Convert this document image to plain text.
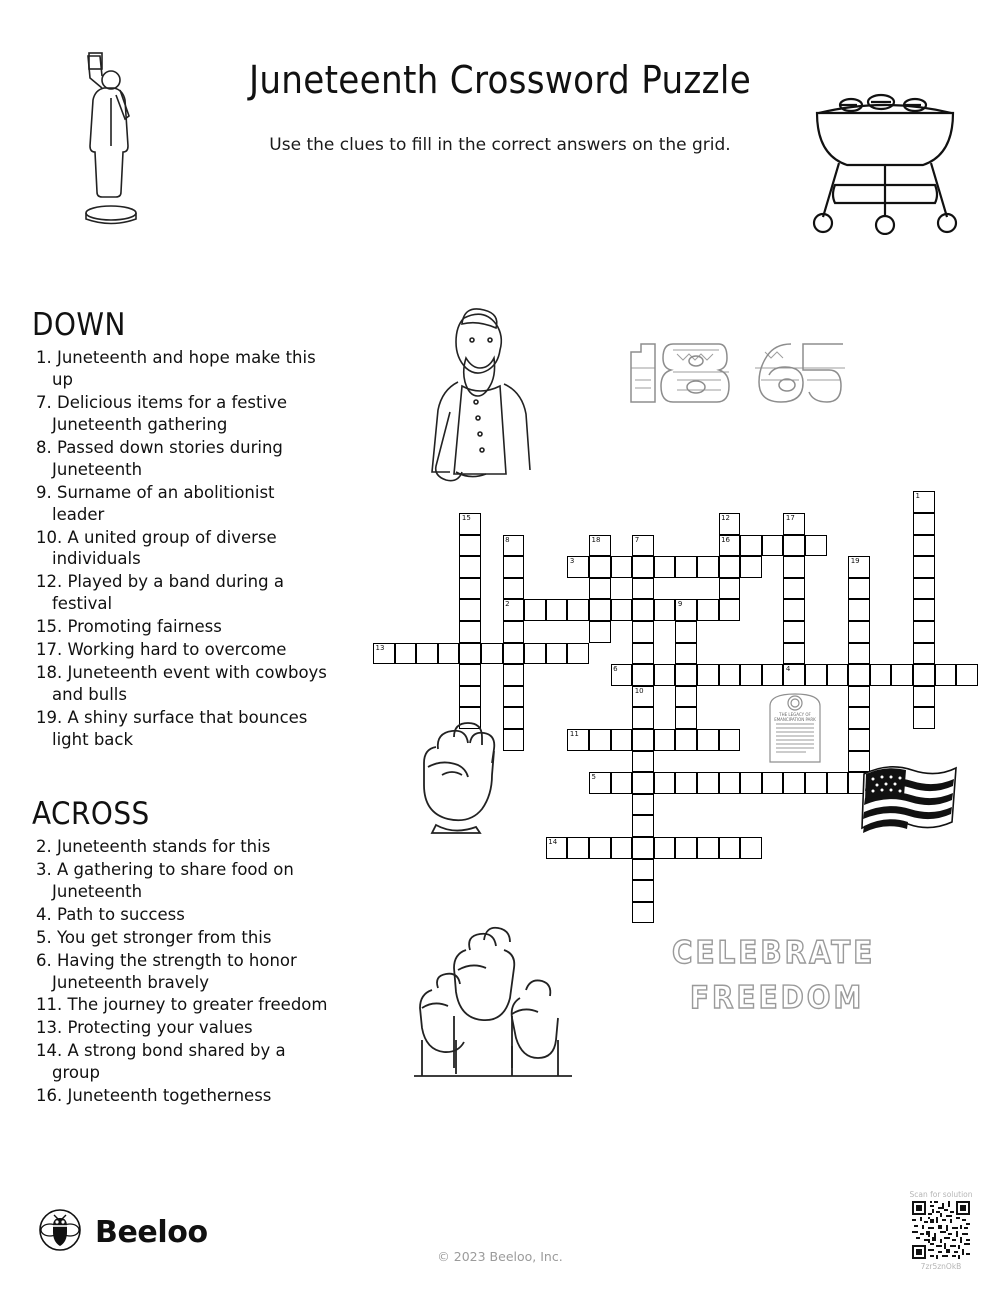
Juneteenth Crossword Puzzle
Use the clues to fill in the correct answers on the grid.
DOWN
1. Juneteenth and hope make this up
7. Delicious items for a festive Juneteenth gathering
8. Passed down stories during Juneteenth
9. Surname of an abolitionist leader
10. A united group of diverse individuals
12. Played by a band during a festival
15. Promoting fairness
17. Working hard to overcome
18. Juneteenth event with cowboys and bulls
19. A shiny surface that bounces light back
ACROSS
2. Juneteenth stands for this
3. A gathering to share food on Juneteenth
4. Path to success
5. You get stronger from this
6. Having the strength to honor Juneteenth bravely
11. The journey to greater freedom
13. Protecting your values
14. A strong bond shared by a group
16. Juneteenth togetherness
15
8
2
18	7
10
12
16
17
4
1
19
9
3
13
6
11
5
14
THE LEGACY OF
EMANCIPATION PARK
CELEBRATE
FREEDOM
Beeloo
© 2023 Beeloo, Inc.
Scan for solution
7zr5znOkB
